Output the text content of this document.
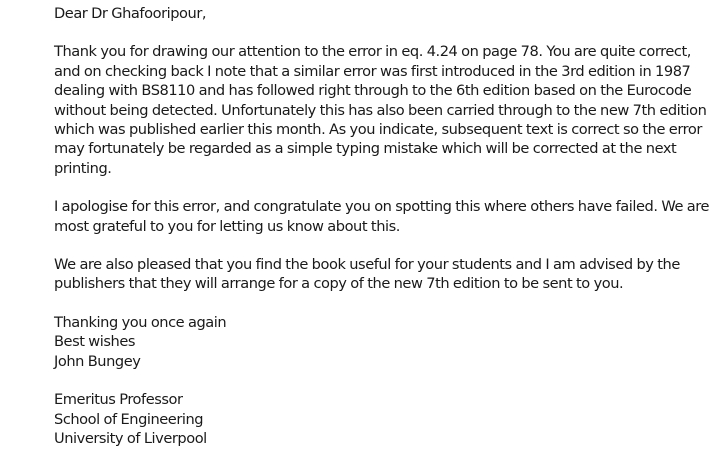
Dear Dr Ghafooripour,

Thank you for drawing our attention to the error in eq. 4.24 on page 78. You are quite correct,
and on checking back I note that a similar error was first introduced in the 3rd edition in 1987
dealing with BS8110 and has followed right through to the 6th edition based on the Eurocode
without being detected. Unfortunately this has also been carried through to the new 7th edition
which was published earlier this month. As you indicate, subsequent text is correct so the error
may fortunately be regarded as a simple typing mistake which will be corrected at the next
printing.

I apologise for this error, and congratulate you on spotting this where others have failed. We are
most grateful to you for letting us know about this.

We are also pleased that you find the book useful for your students and I am advised by the
publishers that they will arrange for a copy of the new 7th edition to be sent to you.

Thanking you once again
Best wishes
John Bungey

Emeritus Professor
School of Engineering
University of Liverpool
